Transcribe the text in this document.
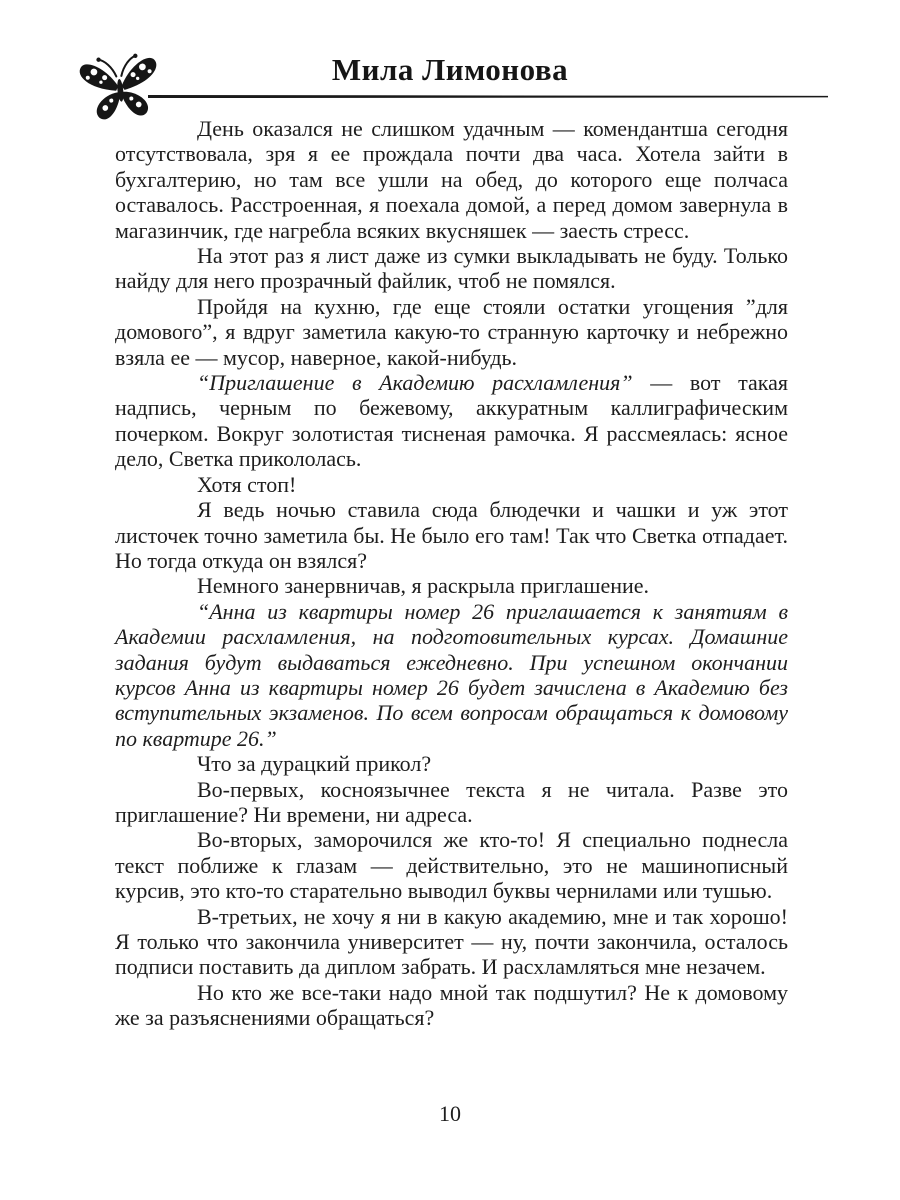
Мила Лимонова

День оказался не слишком удачным — комендантша сегодня отсутствовала, зря я ее прождала почти два часа. Хотела зайти в бухгалтерию, но там все ушли на обед, до которого еще полчаса оставалось. Расстроенная, я поехала домой, а перед домом завернула в магазинчик, где нагребла всяких вкусняшек — заесть стресс.

На этот раз я лист даже из сумки выкладывать не буду. Только найду для него прозрачный файлик, чтоб не помялся.

Пройдя на кухню, где еще стояли остатки угощения ”для домового”, я вдруг заметила какую-то странную карточку и небрежно взяла ее — мусор, наверное, какой-нибудь.

“Приглашение в Академию расхламления” — вот такая надпись, черным по бежевому, аккуратным каллиграфическим почерком. Вокруг золотистая тисненая рамочка. Я рассмеялась: ясное дело, Светка прикололась.

Хотя стоп!

Я ведь ночью ставила сюда блюдечки и чашки и уж этот листочек точно заметила бы. Не было его там! Так что Светка отпадает. Но тогда откуда он взялся?

Немного занервничав, я раскрыла приглашение.

“Анна из квартиры номер 26 приглашается к занятиям в Академии расхламления, на подготовительных курсах. Домашние задания будут выдаваться ежедневно. При успешном окончании курсов Анна из квартиры номер 26 будет зачислена в Академию без вступительных экзаменов. По всем вопросам обращаться к домовому по квартире 26.”

Что за дурацкий прикол?

Во-первых, косноязычнее текста я не читала. Разве это приглашение? Ни времени, ни адреса.

Во-вторых, заморочился же кто-то! Я специально поднесла текст поближе к глазам — действительно, это не машинописный курсив, это кто-то старательно выводил буквы чернилами или тушью.

В-третьих, не хочу я ни в какую академию, мне и так хорошо! Я только что закончила университет — ну, почти закончила, осталось подписи поставить да диплом забрать. И расхламляться мне незачем.

Но кто же все-таки надо мной так подшутил? Не к домовому же за разъяснениями обращаться?

10
